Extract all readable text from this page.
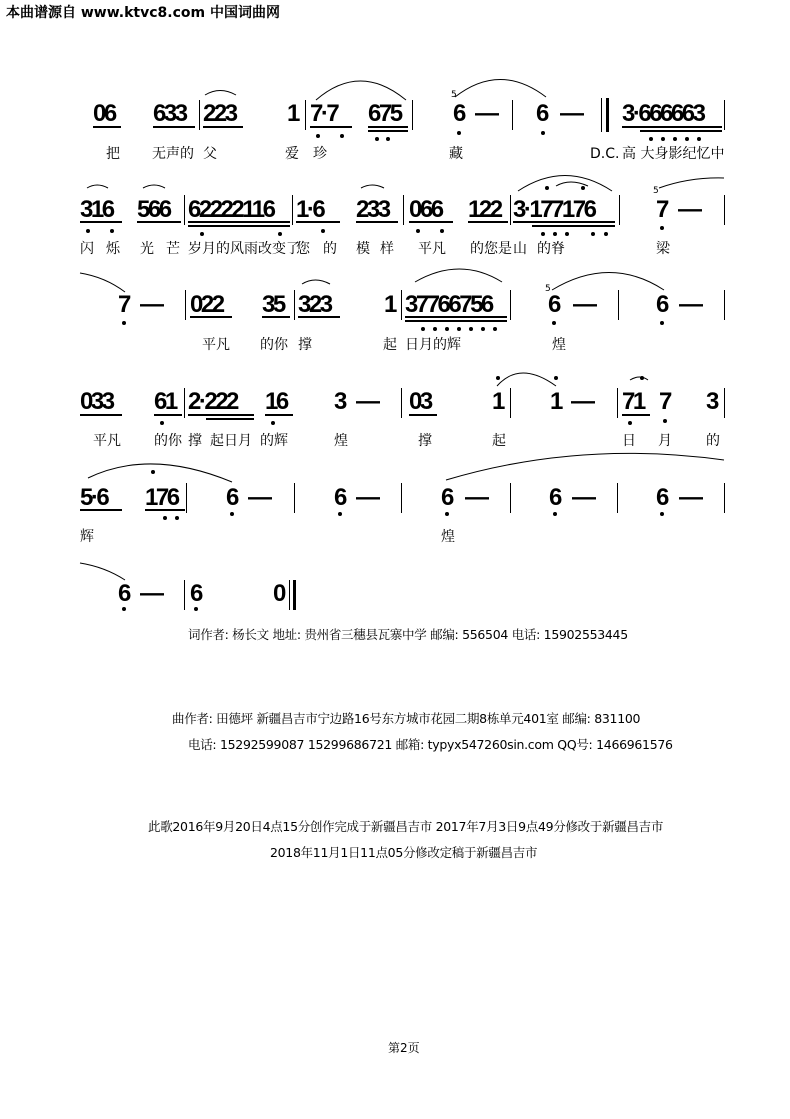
本曲谱源自 www.ktvc8.com 中国词曲网
06 633 223 1 7·7 675 6 — 6 — 3·666663
把 无声的 父	爱 珍	藏	D.C. 高 大身影纪忆中
316 566 62222116 1·6 233 066 122 3·177176	7 —
闪 烁 光 芒 岁月的风雨改变了
您 的 模 样 平凡 的您是 山 的脊	梁
7 — 022 35 323 1 37766756 6 —	6 —
平凡 的你 撑	起 日月的辉	煌
033 61 2·222 16 3 — 03	1 1 — 71 7 3
平凡 的你 撑 起日月 的辉	煌	撑	起	日 月 的
5·6 176 6 —	6 —	6 —	6 —	6 —
辉	煌
6 — 6	0
5
5
5
词作者: 杨长文 地址: 贵州省三穗县瓦寨中学 邮编: 556504 电话: 15902553445
曲作者: 田德坪 新疆昌吉市宁边路16号东方城市花园二期8栋单元401室 邮编: 831100
电话: 15292599087 15299686721 邮箱: typyx547260sin.com QQ号: 1466961576
此歌2016年9月20日4点15分创作完成于新疆昌吉市 2017年7月3日9点49分修改于新疆昌吉市
2018年11月1日11点05分修改定稿于新疆昌吉市
第2页
